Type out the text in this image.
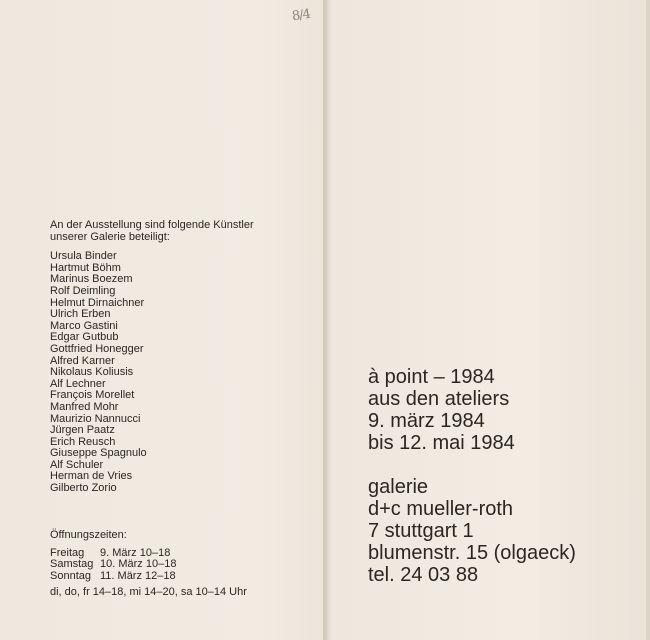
8/4

An der Ausstellung sind folgende Künstler
unserer Galerie beteiligt:

Ursula Binder
Hartmut Böhm
Marinus Boezem
Rolf Deimling
Helmut Dirnaichner
Ulrich Erben
Marco Gastini
Edgar Gutbub
Gottfried Honegger
Alfred Karner
Nikolaus Koliusis
Alf Lechner
François Morellet
Manfred Mohr
Maurizio Nannucci
Jürgen Paatz
Erich Reusch
Giuseppe Spagnulo
Alf Schuler
Herman de Vries
Gilberto Zorio

Öffnungszeiten:

Freitag	9. März 10–18
Samstag	10. März 10–18
Sonntag	11. März 12–18
di, do, fr 14–18, mi 14–20, sa 10–14 Uhr

à point – 1984

aus den ateliers

9. märz 1984

bis 12. mai 1984

galerie

d+c mueller-roth

7 stuttgart 1

blumenstr. 15 (olgaeck)

tel. 24 03 88
